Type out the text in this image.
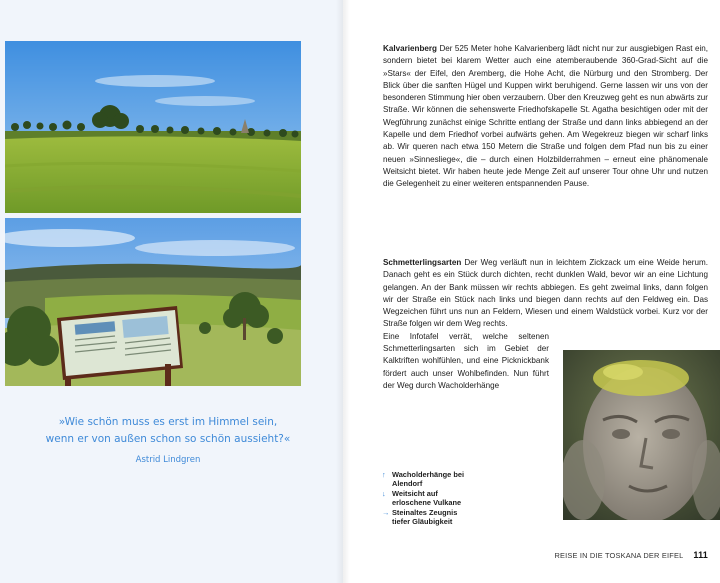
»Wie schön muss es erst im Himmel sein,
wenn er von außen schon so schön aussieht?«
Astrid Lindgren
Kalvarienberg Der 525 Meter hohe Kalvarienberg lädt nicht nur zur ausgiebigen Rast ein, sondern bietet bei klarem Wetter auch eine atemberaubende 360-Grad-Sicht auf die »Stars« der Eifel, den Aremberg, die Hohe Acht, die Nürburg und den Stromberg. Der Blick über die sanften Hügel und Kuppen wirkt beruhigend. Gerne lassen wir uns von der besonderen Stimmung hier oben verzaubern. Über den Kreuzweg geht es nun abwärts zur Straße. Wir können die sehenswerte Friedhofskapelle St. Agatha besichtigen oder mit der Wegführung zunächst einige Schritte entlang der Straße und dann links abbiegend an der Kapelle und dem Friedhof vorbei aufwärts gehen. Am Wegekreuz biegen wir scharf links ab. Wir queren nach etwa 150 Metern die Straße und folgen dem Pfad nun bis zu einer neuen »Sinnesliege«, die – durch einen Holzbilderrahmen – erneut eine phänomenale Weitsicht bietet. Wir haben heute jede Menge Zeit auf unserer Tour ohne Uhr und nutzen die Gelegenheit zu einer weiteren entspannenden Pause.
Schmetterlingsarten Der Weg verläuft nun in leichtem Zickzack um eine Weide herum. Danach geht es ein Stück durch dichten, recht dunklen Wald, bevor wir an eine Lichtung gelangen. An der Bank müssen wir rechts abbiegen. Es geht zweimal links, dann folgen wir der Straße ein Stück nach links und biegen dann rechts auf den Feldweg ein. Das Wegzeichen führt uns nun an Feldern, Wiesen und einem Waldstück vorbei. Kurz vor der Straße folgen wir dem Weg rechts.
Eine Infotafel verrät, welche seltenen Schmetterlingsarten sich im Gebiet der Kalktriften wohlfühlen, und eine Picknickbank fördert auch unser Wohlbefinden. Nun führt der Weg durch Wacholderhänge
↑ Wacholderhänge bei Alendorf
↓ Weitsicht auf erloschene Vulkane
→ Steinaltes Zeugnis tiefer Gläubigkeit
REISE IN DIE TOSKANA DER EIFEL 111
